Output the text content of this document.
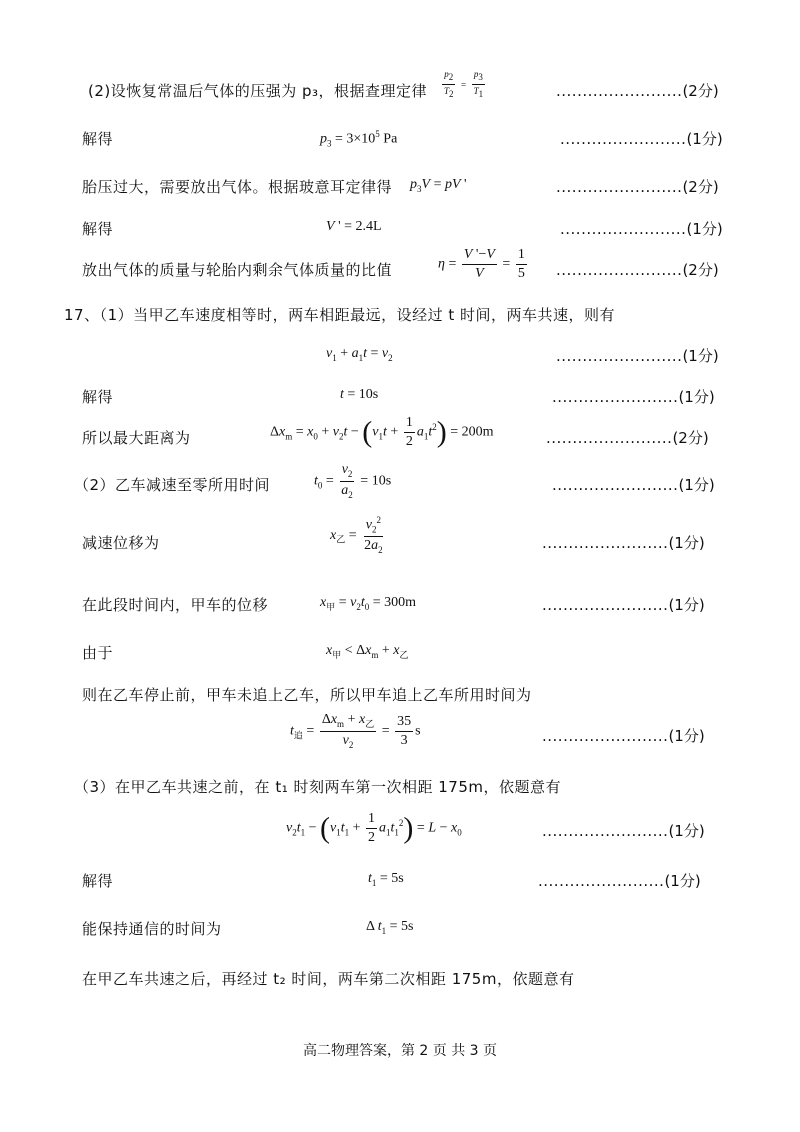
(2)设恢复常温后气体的压强为 p₃，根据查理定律 $\frac{p_2}{T_2} = \frac{p_3}{T_1}$	........................(2分)
解得	$p_3 = 3\times 10^5$ Pa	........................(1分)
胎压过大，需要放出气体。根据玻意耳定律得 $p_3V$ = pV '	........................(2分)
解得	V ' = 2.4L	........................(1分)
放出气体的质量与轮胎内剩余气体质量的比值	$\eta = \frac{V '-V}{V} = \frac{1}{5} ........................(2$分)
17、（1）当甲乙车速度相等时，两车相距最远，设经过 t 时间，两车共速，则有
$v_1 + a_1t = v_2$	........................(1分)
解得	t = 10s	........................(1分)
所以最大距离为	$\Delta x_m = x_0 + v_2t - (v_1t + \frac{1}{2} a_1t^2) = 200m$	........................(2分)
（2）乙车减速至零所用时间	$t_0 = \frac{v_2}{a_2} = 10s$	........................(1分)
减速位移为	$x_乙 = \frac{v_2^2}{2a_2}$	........................(1分)
在此段时间内，甲车的位移	$x_甲 = v_2t_0 = 300m$	........................(1分)
由于	$x_甲 < \Delta x_m + x_乙$
则在乙车停止前，甲车未追上乙车，所以甲车追上乙车所用时间为
$t_追 = \frac{\Delta x_m + x_乙}{v_2} = \frac{35}{3}$ s	........................(1分)
（3）在甲乙车共速之前，在 t₁ 时刻两车第一次相距 175m，依题意有
$v_2t_1 - (v_1t_1 + \frac{1}{2} a_1t_1^2) = L - x_0$	........................(1分)
解得	$t_1 = 5s$	........................(1分)
能保持通信的时间为	Δ $t_1 = 5s$
在甲乙车共速之后，再经过 t₂ 时间，两车第二次相距 175m，依题意有
高二物理答案，第 2 页 共 3 页
